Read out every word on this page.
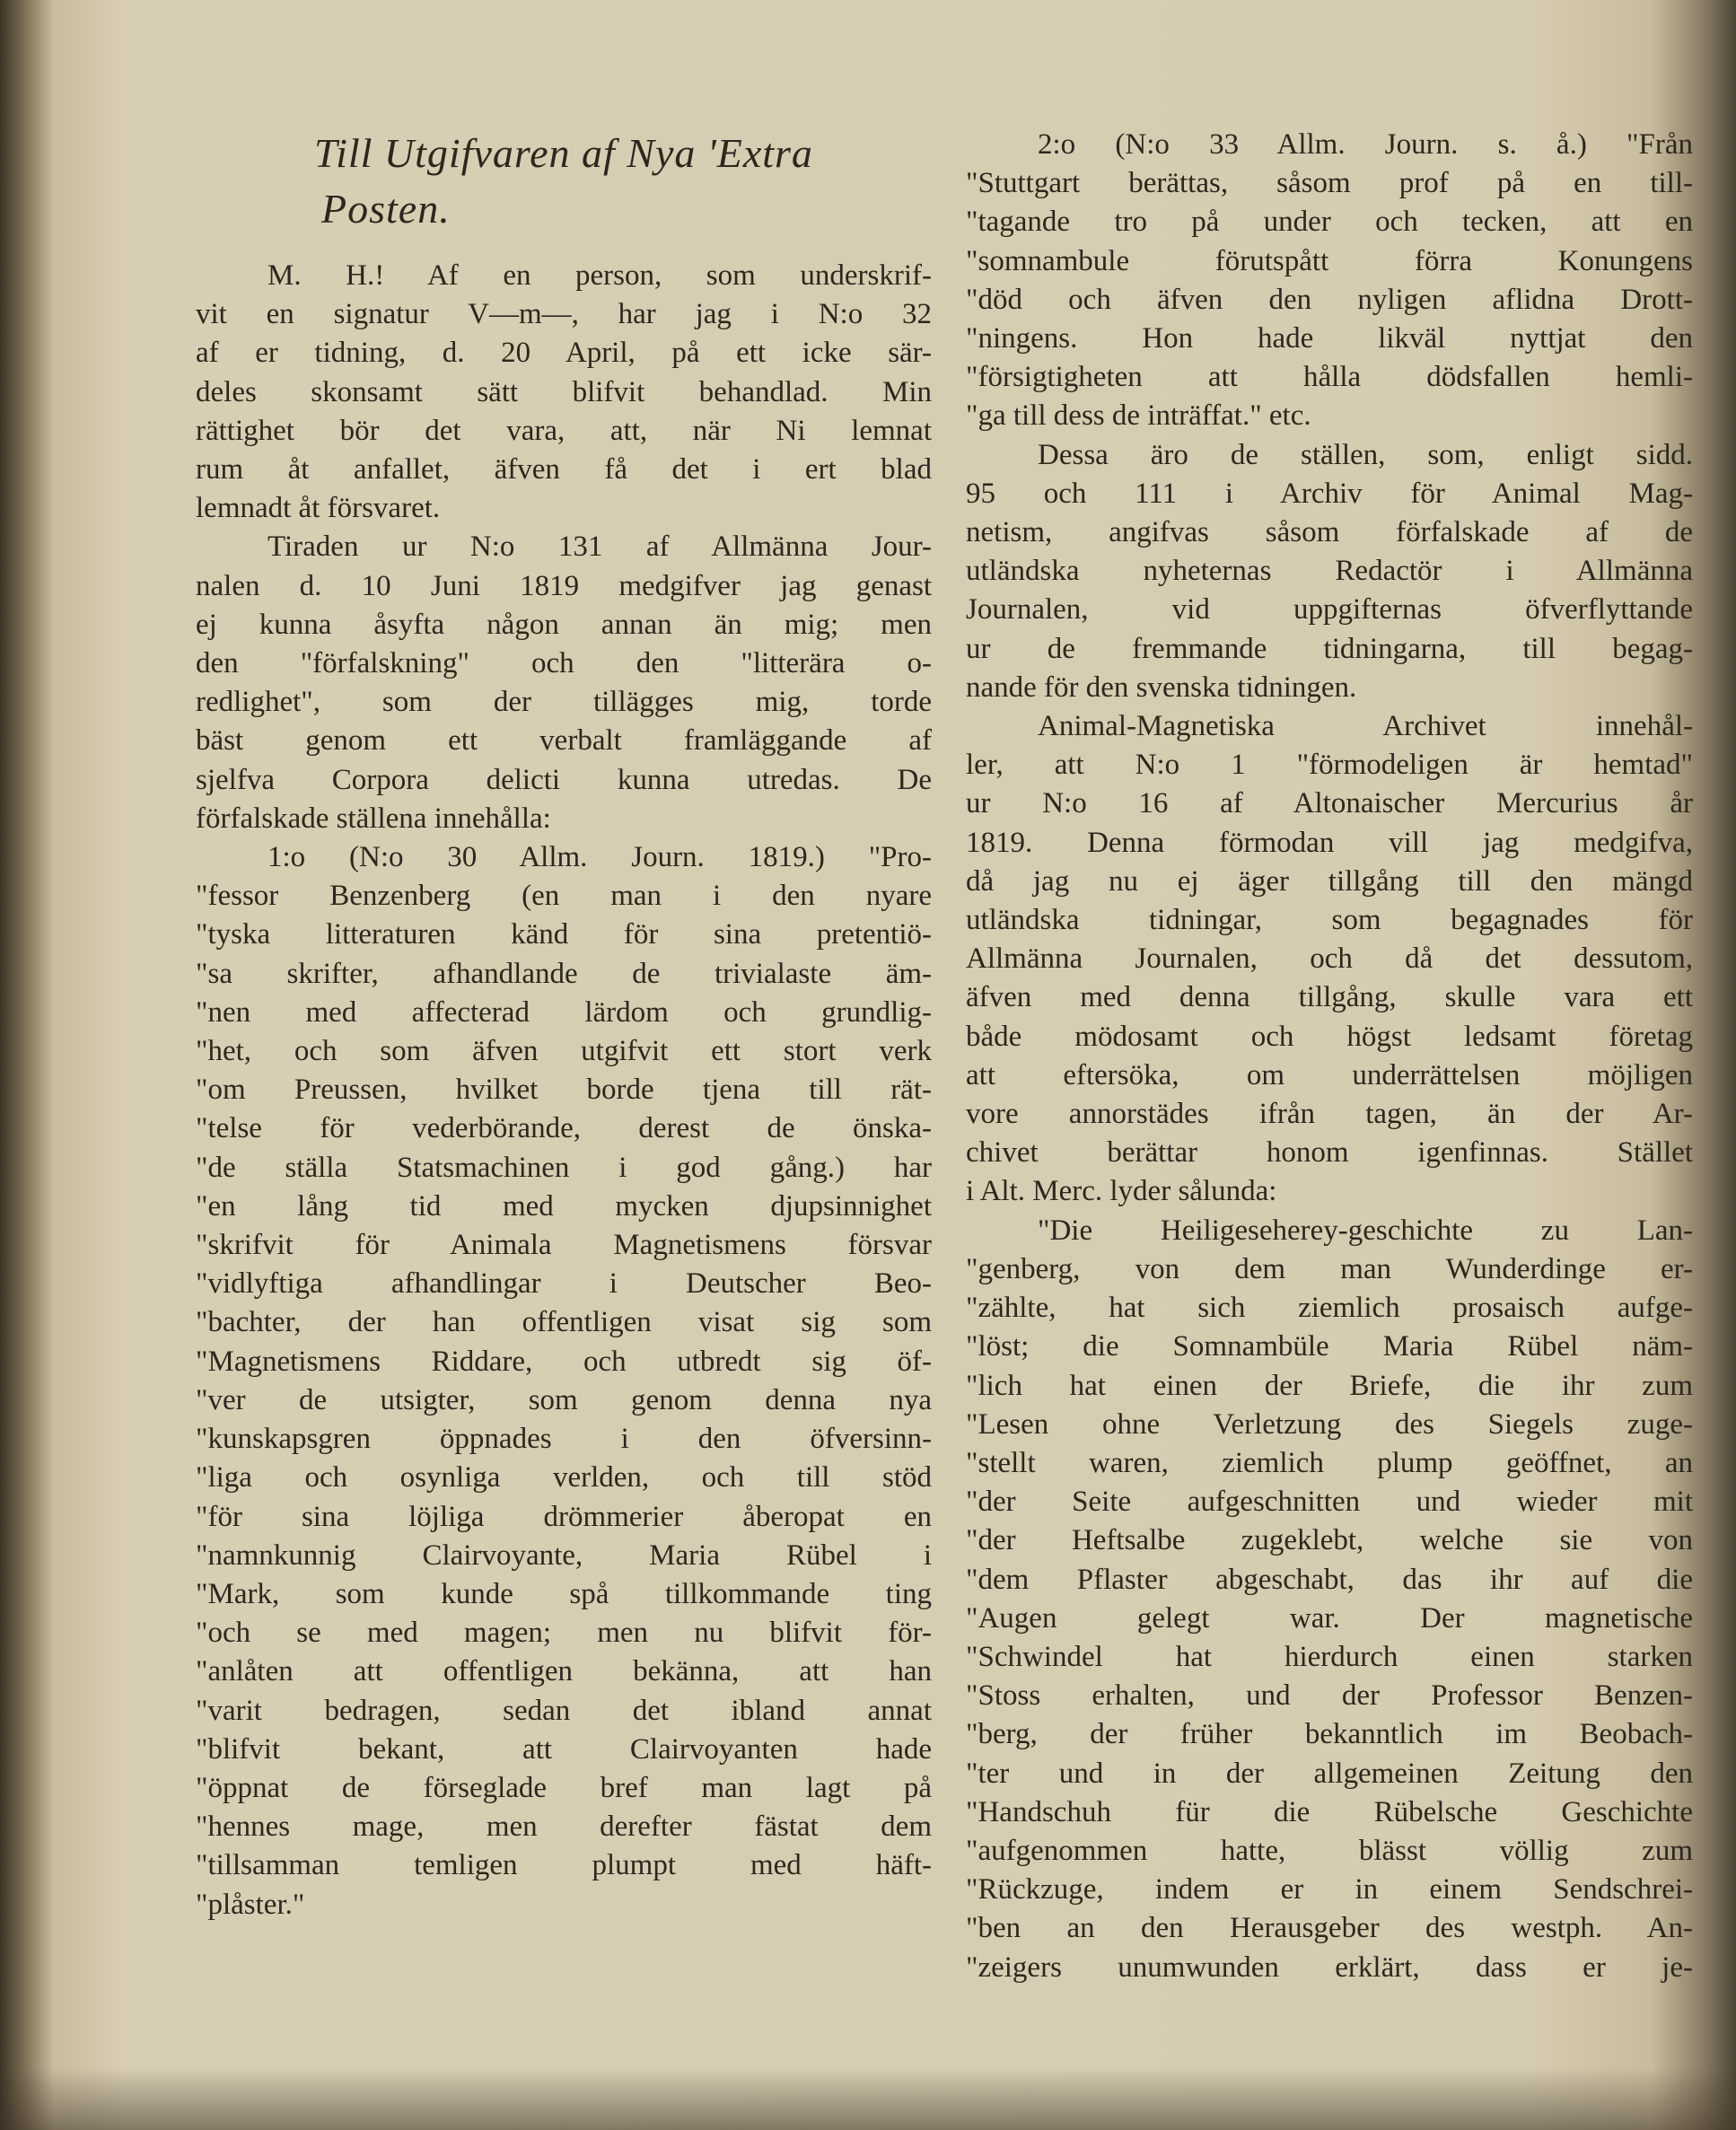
Till Utgifvaren af Nya 'Extra

Posten.

M. H.! Af en person, som underskrif-

vit en signatur V—m—, har jag i N:o 32

af er tidning, d. 20 April, på ett icke sär-

deles skonsamt sätt blifvit behandlad. Min

rättighet bör det vara, att, när Ni lemnat

rum åt anfallet, äfven få det i ert blad

lemnadt åt försvaret.

Tiraden ur N:o 131 af Allmänna Jour-

nalen d. 10 Juni 1819 medgifver jag genast

ej kunna åsyfta någon annan än mig; men

den "förfalskning" och den "litterära o-

redlighet", som der tillägges mig, torde

bäst genom ett verbalt framläggande af

sjelfva Corpora delicti kunna utredas. De

förfalskade ställena innehålla:

1:o (N:o 30 Allm. Journ. 1819.) "Pro-

"fessor Benzenberg (en man i den nyare

"tyska litteraturen känd för sina pretentiö-

"sa skrifter, afhandlande de trivialaste äm-

"nen med affecterad lärdom och grundlig-

"het, och som äfven utgifvit ett stort verk

"om Preussen, hvilket borde tjena till rät-

"telse för vederbörande, derest de önska-

"de ställa Statsmachinen i god gång.) har

"en lång tid med mycken djupsinnighet

"skrifvit för Animala Magnetismens försvar

"vidlyftiga afhandlingar i Deutscher Beo-

"bachter, der han offentligen visat sig som

"Magnetismens Riddare, och utbredt sig öf-

"ver de utsigter, som genom denna nya

"kunskapsgren öppnades i den öfversinn-

"liga och osynliga verlden, och till stöd

"för sina löjliga drömmerier åberopat en

"namnkunnig Clairvoyante, Maria Rübel i

"Mark, som kunde spå tillkommande ting

"och se med magen; men nu blifvit för-

"anlåten att offentligen bekänna, att han

"varit bedragen, sedan det ibland annat

"blifvit bekant, att Clairvoyanten hade

"öppnat de förseglade bref man lagt på

"hennes mage, men derefter fästat dem

"tillsamman temligen plumpt med häft-

"plåster."

2:o (N:o 33 Allm. Journ. s. å.) "Från

"Stuttgart berättas, såsom prof på en till-

"tagande tro på under och tecken, att en

"somnambule förutspått förra Konungens

"död och äfven den nyligen aflidna Drott-

"ningens. Hon hade likväl nyttjat den

"försigtigheten att hålla dödsfallen hemli-

"ga till dess de inträffat." etc.

Dessa äro de ställen, som, enligt sidd.

95 och 111 i Archiv för Animal Mag-

netism, angifvas såsom förfalskade af de

utländska nyheternas Redactör i Allmänna

Journalen, vid uppgifternas öfverflyttande

ur de fremmande tidningarna, till begag-

nande för den svenska tidningen.

Animal-Magnetiska Archivet innehål-

ler, att N:o 1 "förmodeligen är hemtad"

ur N:o 16 af Altonaischer Mercurius år

1819. Denna förmodan vill jag medgifva,

då jag nu ej äger tillgång till den mängd

utländska tidningar, som begagnades för

Allmänna Journalen, och då det dessutom,

äfven med denna tillgång, skulle vara ett

både mödosamt och högst ledsamt företag

att eftersöka, om underrättelsen möjligen

vore annorstädes ifrån tagen, än der Ar-

chivet berättar honom igenfinnas. Stället

i Alt. Merc. lyder sålunda:

"Die Heiligeseherey-geschichte zu Lan-

"genberg, von dem man Wunderdinge er-

"zählte, hat sich ziemlich prosaisch aufge-

"löst; die Somnambüle Maria Rübel näm-

"lich hat einen der Briefe, die ihr zum

"Lesen ohne Verletzung des Siegels zuge-

"stellt waren, ziemlich plump geöffnet, an

"der Seite aufgeschnitten und wieder mit

"der Heftsalbe zugeklebt, welche sie von

"dem Pflaster abgeschabt, das ihr auf die

"Augen gelegt war. Der magnetische

"Schwindel hat hierdurch einen starken

"Stoss erhalten, und der Professor Benzen-

"berg, der früher bekanntlich im Beobach-

"ter und in der allgemeinen Zeitung den

"Handschuh für die Rübelsche Geschichte

"aufgenommen hatte, blässt völlig zum

"Rückzuge, indem er in einem Sendschrei-

"ben an den Herausgeber des westph. An-

"zeigers unumwunden erklärt, dass er je-
